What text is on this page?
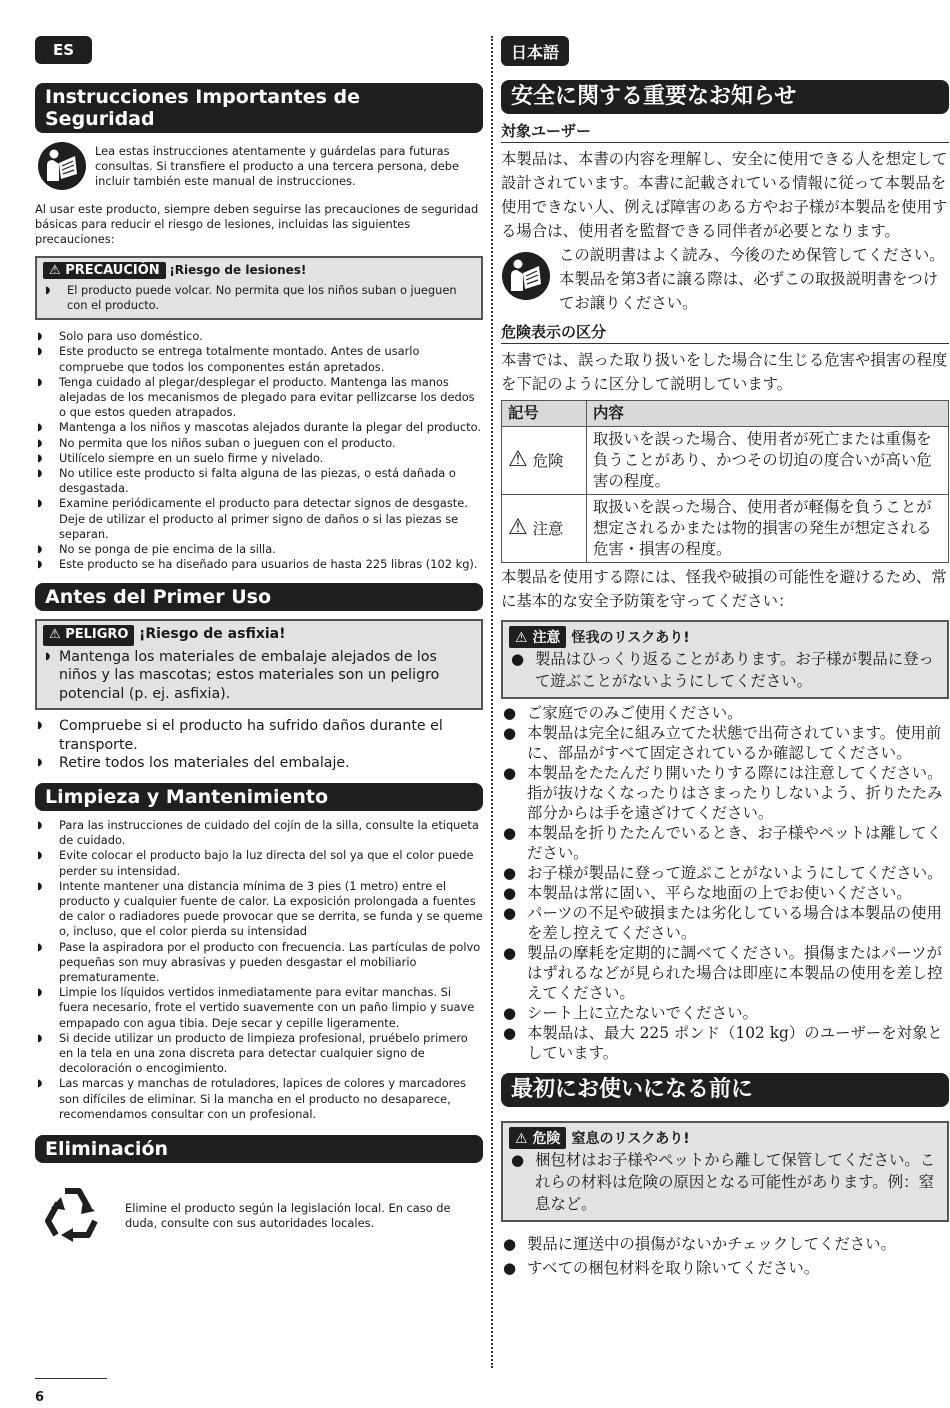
ES
Instrucciones Importantes de Seguridad
Lea estas instrucciones atentamente y guárdelas para futuras consultas. Si transfiere el producto a una tercera persona, debe incluir también este manual de instrucciones.
Al usar este producto, siempre deben seguirse las precauciones de seguridad básicas para reducir el riesgo de lesiones, incluidas las siguientes precauciones:
⚠ PRECAUCIÓN ¡Riesgo de lesiones!
◗ El producto puede volcar. No permita que los niños suban o jueguen con el producto.
◗ Solo para uso doméstico.
◗ Este producto se entrega totalmente montado. Antes de usarlo compruebe que todos los componentes están apretados.
◗ Tenga cuidado al plegar/desplegar el producto. Mantenga las manos alejadas de los mecanismos de plegado para evitar pellizcarse los dedos o que estos queden atrapados.
◗ Mantenga a los niños y mascotas alejados durante la plegar del producto.
◗ No permita que los niños suban o jueguen con el producto.
◗ Utilícelo siempre en un suelo firme y nivelado.
◗ No utilice este producto si falta alguna de las piezas, o está dañada o desgastada.
◗ Examine periódicamente el producto para detectar signos de desgaste. Deje de utilizar el producto al primer signo de daños o si las piezas se separan.
◗ No se ponga de pie encima de la silla.
◗ Este producto se ha diseñado para usuarios de hasta 225 libras (102 kg).
Antes del Primer Uso
⚠ PELIGRO ¡Riesgo de asfixia!
◗ Mantenga los materiales de embalaje alejados de los niños y las mascotas; estos materiales son un peligro potencial (p. ej. asfixia).
◗ Compruebe si el producto ha sufrido daños durante el transporte.
◗ Retire todos los materiales del embalaje.
Limpieza y Mantenimiento
◗ Para las instrucciones de cuidado del cojín de la silla, consulte la etiqueta de cuidado.
◗ Evite colocar el producto bajo la luz directa del sol ya que el color puede perder su intensidad.
◗ Intente mantener una distancia mínima de 3 pies (1 metro) entre el producto y cualquier fuente de calor. La exposición prolongada a fuentes de calor o radiadores puede provocar que se derrita, se funda y se queme o, incluso, que el color pierda su intensidad
◗ Pase la aspiradora por el producto con frecuencia. Las partículas de polvo pequeñas son muy abrasivas y pueden desgastar el mobiliario prematuramente.
◗ Limpie los líquidos vertidos inmediatamente para evitar manchas. Si fuera necesario, frote el vertido suavemente con un paño limpio y suave empapado con agua tibia. Deje secar y cepille ligeramente.
◗ Si decide utilizar un producto de limpieza profesional, pruébelo primero en la tela en una zona discreta para detectar cualquier signo de decoloración o encogimiento.
◗ Las marcas y manchas de rotuladores, lapices de colores y marcadores son difíciles de eliminar. Si la mancha en el producto no desaparece, recomendamos consultar con un profesional.
Eliminación
Elimine el producto según la legislación local. En caso de duda, consulte con sus autoridades locales.
日本語
安全に関する重要なお知らせ
対象ユーザー
本製品は、本書の内容を理解し、安全に使用できる人を想定して設計されています。本書に記載されている情報に従って本製品を使用できない人、例えば障害のある方やお子様が本製品を使用する場合は、使用者を監督できる同伴者が必要となります。
この説明書はよく読み、今後のため保管してください。本製品を第3者に譲る際は、必ずこの取扱説明書をつけてお譲りください。
危険表示の区分
本書では、誤った取り扱いをした場合に生じる危害や損害の程度を下記のように区分して説明しています。
記号	内容
⚠ 危険	取扱いを誤った場合、使用者が死亡または重傷を負うことがあり、かつその切迫の度合いが高い危害の程度。
⚠ 注意	取扱いを誤った場合、使用者が軽傷を負うことが想定されるかまたは物的損害の発生が想定される危害・損害の程度。
本製品を使用する際には、怪我や破損の可能性を避けるため、常に基本的な安全予防策を守ってください：
⚠ 注意 怪我のリスクあり!
● 製品はひっくり返ることがあります。お子様が製品に登って遊ぶことがないようにしてください。
● ご家庭でのみご使用ください。
● 本製品は完全に組み立てた状態で出荷されています。使用前に、部品がすべて固定されているか確認してください。
● 本製品をたたんだり開いたりする際には注意してください。指が抜けなくなったりはさまったりしないよう、折りたたみ部分からは手を遠ざけてください。
● 本製品を折りたたんでいるとき、お子様やペットは離してください。
● お子様が製品に登って遊ぶことがないようにしてください。
● 本製品は常に固い、平らな地面の上でお使いください。
● パーツの不足や破損または劣化している場合は本製品の使用を差し控えてください。
● 製品の摩耗を定期的に調べてください。損傷またはパーツがはずれるなどが見られた場合は即座に本製品の使用を差し控えてください。
● シート上に立たないでください。
● 本製品は、最大 225 ポンド（102 kg）のユーザーを対象としています。
最初にお使いになる前に
⚠ 危険 窒息のリスクあり!
● 梱包材はお子様やペットから離して保管してください。これらの材料は危険の原因となる可能性があります。例：窒息など。
● 製品に運送中の損傷がないかチェックしてください。
● すべての梱包材料を取り除いてください。
6
